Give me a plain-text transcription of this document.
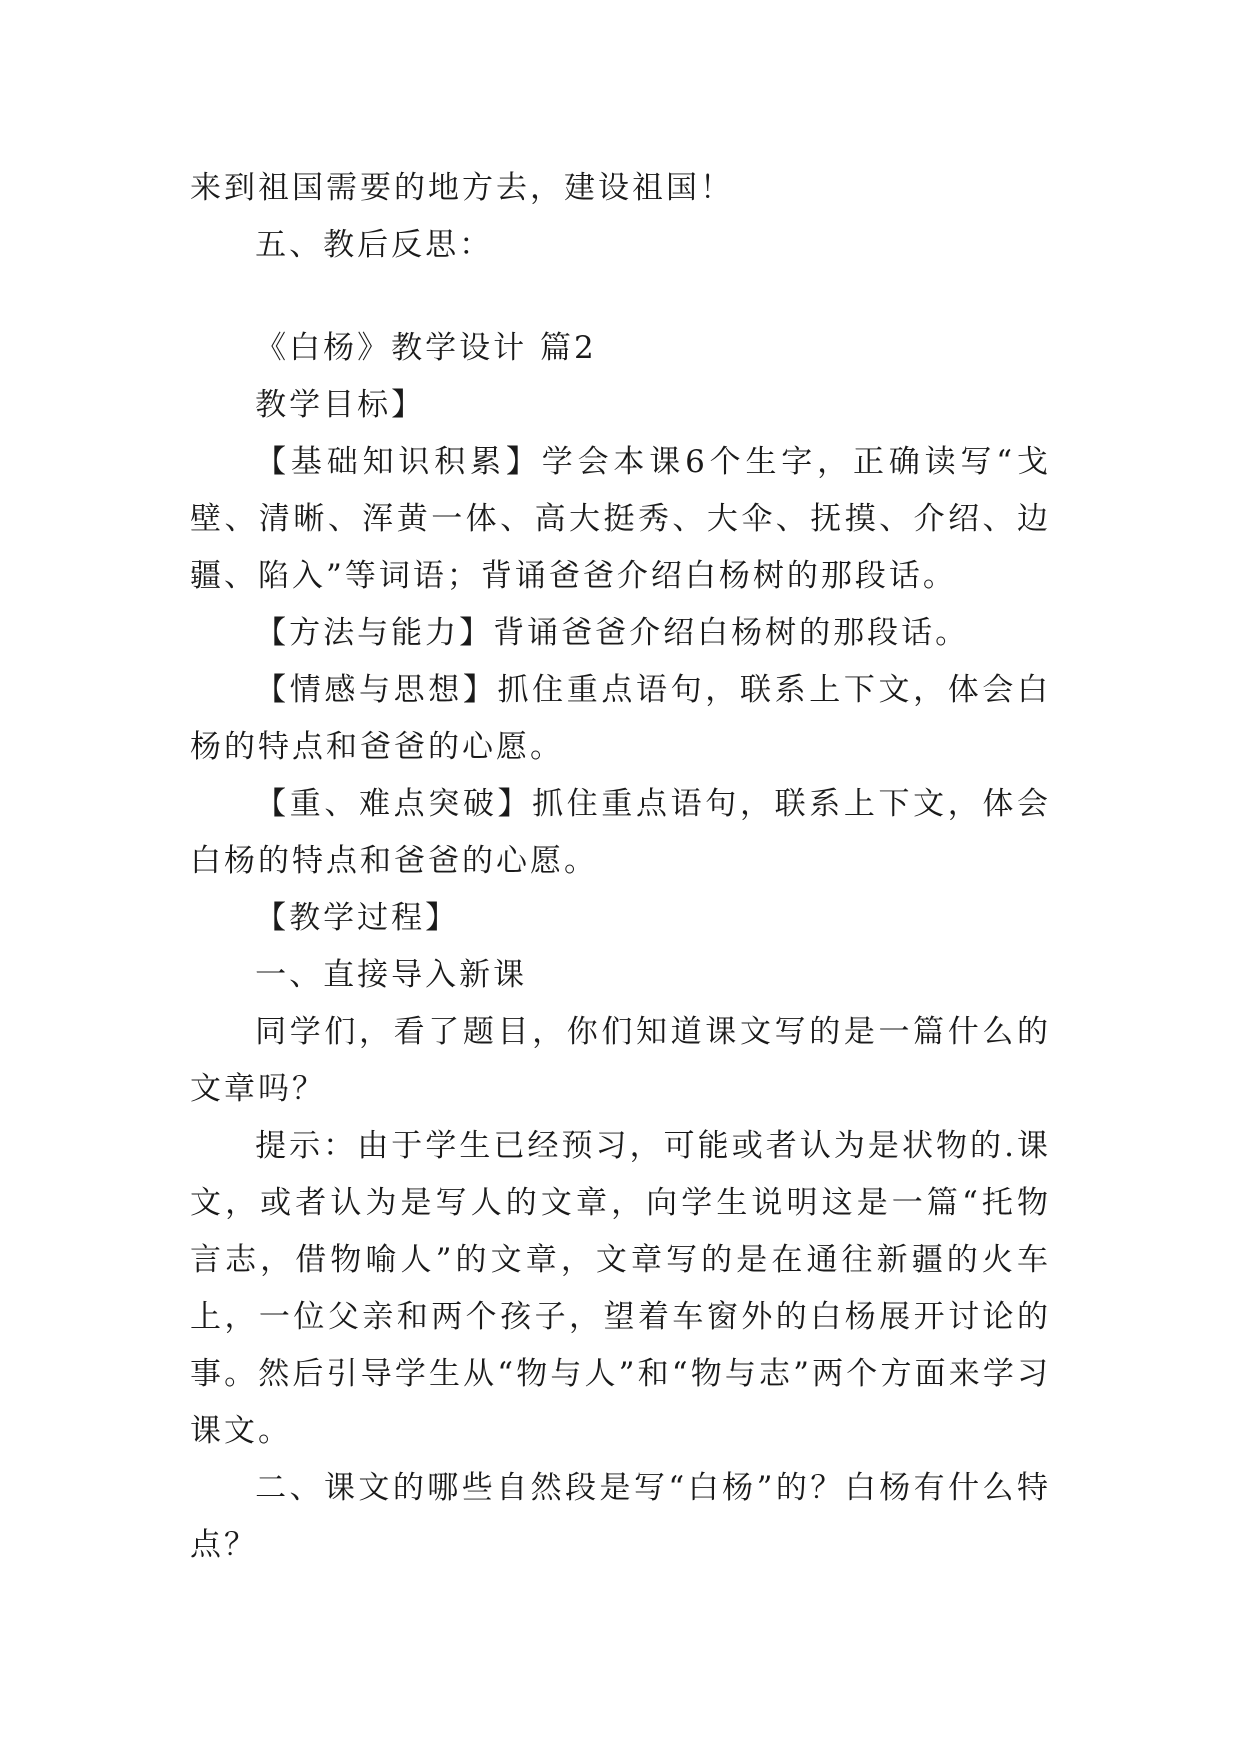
来到祖国需要的地方去，建设祖国！

五、教后反思：

《白杨》教学设计 篇2

教学目标】

【基础知识积累】学会本课6个生字，正确读写“戈壁、清晰、浑黄一体、高大挺秀、大伞、抚摸、介绍、边疆、陷入”等词语；背诵爸爸介绍白杨树的那段话。

【方法与能力】背诵爸爸介绍白杨树的那段话。

【情感与思想】抓住重点语句，联系上下文，体会白杨的特点和爸爸的心愿。

【重、难点突破】抓住重点语句，联系上下文，体会白杨的特点和爸爸的心愿。

【教学过程】

一、直接导入新课

同学们，看了题目，你们知道课文写的是一篇什么的文章吗？

提示：由于学生已经预习，可能或者认为是状物的.课文，或者认为是写人的文章，向学生说明这是一篇“托物言志，借物喻人”的文章，文章写的是在通往新疆的火车上，一位父亲和两个孩子，望着车窗外的白杨展开讨论的事。然后引导学生从“物与人”和“物与志”两个方面来学习课文。

二、课文的哪些自然段是写“白杨”的？白杨有什么特点？
